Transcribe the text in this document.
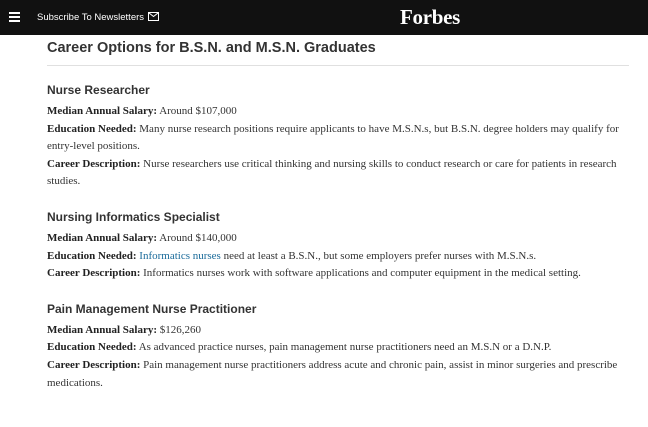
Subscribe To Newsletters	Forbes
Career Options for B.S.N. and M.S.N. Graduates
Nurse Researcher

Median Annual Salary: Around $107,000

Education Needed: Many nurse research positions require applicants to have M.S.N.s, but B.S.N. degree holders may qualify for entry-level positions.

Career Description: Nurse researchers use critical thinking and nursing skills to conduct research or care for patients in research studies.

Nursing Informatics Specialist

Median Annual Salary: Around $140,000

Education Needed: Informatics nurses need at least a B.S.N., but some employers prefer nurses with M.S.N.s.

Career Description: Informatics nurses work with software applications and computer equipment in the medical setting.

Pain Management Nurse Practitioner

Median Annual Salary: $126,260

Education Needed: As advanced practice nurses, pain management nurse practitioners need an M.S.N or a D.N.P.

Career Description: Pain management nurse practitioners address acute and chronic pain, assist in minor surgeries and prescribe medications.
